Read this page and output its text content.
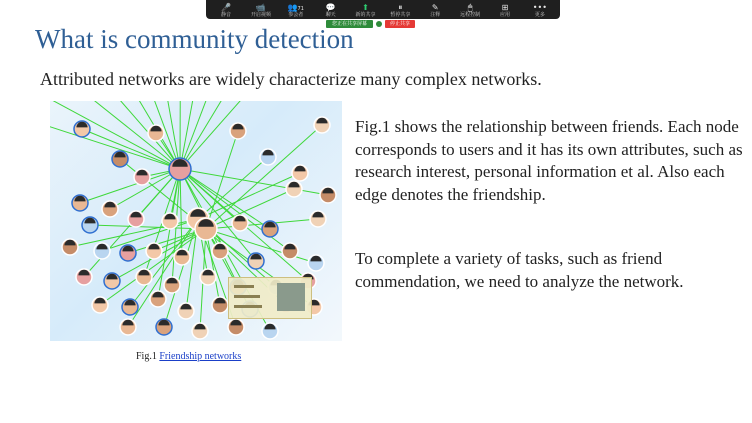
🎤
静音
📹
开启视频
👥71
参会者
💬
聊天
⬆
新的共享
⏸
暂停共享
✎
注释
🖱
远程控制
⊞
应用
•••
更多
您正在共享屏幕	停止共享
What is community detection

Attributed networks are widely characterize many complex networks.

Fig.1 Friendship networks

Fig.1 shows the relationship between friends. Each node corresponds to users and it has its own attributes, such as research interest, personal information et al. Also each edge denotes the friendship.

To complete a variety of tasks, such as friend commendation, we need to analyze the network.
